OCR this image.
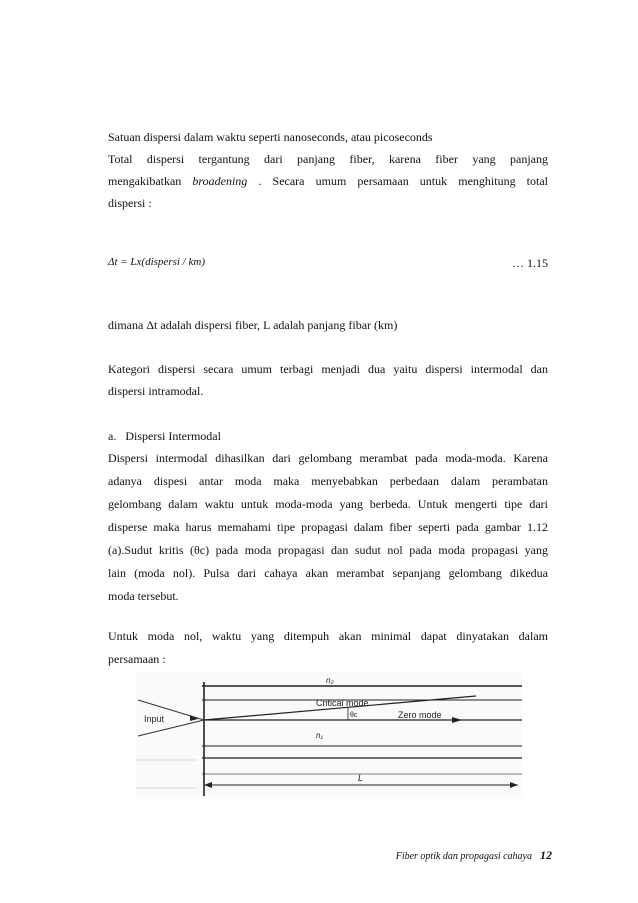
Satuan dispersi dalam waktu seperti nanoseconds, atau picoseconds
Total dispersi tergantung dari panjang fiber, karena fiber yang panjang
mengakibatkan broadening . Secara umum persamaan untuk menghitung total
dispersi :
Δt = Lx(dispersi / km)	… 1.15
dimana Δt adalah dispersi fiber, L adalah panjang fibar (km)
Kategori dispersi secara umum terbagi menjadi dua yaitu dispersi intermodal dan
dispersi intramodal.
a.   Dispersi Intermodal
Dispersi intermodal dihasilkan dari gelombang merambat pada moda-moda. Karena
adanya dispesi antar moda maka menyebabkan perbedaan dalam perambatan
gelombang dalam waktu untuk moda-moda yang berbeda. Untuk mengerti tipe dari
disperse maka harus memahami tipe propagasi dalam fiber seperti pada gambar 1.12
(a).Sudut kritis (θc) pada moda propagasi dan sudut nol pada moda propagasi yang
lain (moda nol). Pulsa dari cahaya akan merambat sepanjang gelombang dikedua
moda tersebut.
Untuk moda nol, waktu yang ditempuh akan minimal dapat dinyatakan dalam
persamaan :
n₂
Critical mode
θc	Zero mode
n₁
Input
L
Fiber optik dan propagasi cahaya 12
